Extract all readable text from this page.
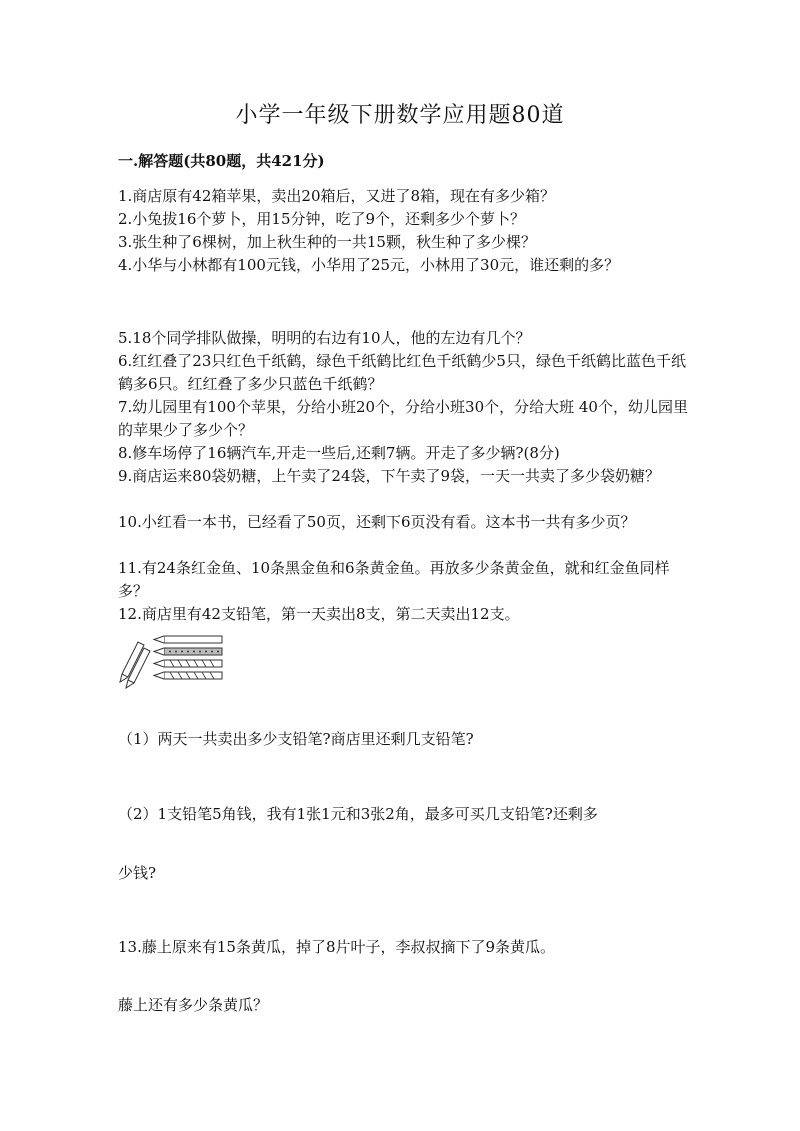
小学一年级下册数学应用题80道
一.解答题(共80题，共421分)
1.商店原有42箱苹果，卖出20箱后，又进了8箱，现在有多少箱？
2.小兔拔16个萝卜，用15分钟，吃了9个，还剩多少个萝卜？
3.张生种了6棵树，加上秋生种的一共15颗，秋生种了多少棵？
4.小华与小林都有100元钱，小华用了25元，小林用了30元，谁还剩的多？
5.18个同学排队做操，明明的右边有10人，他的左边有几个？
6.红红叠了23只红色千纸鹤，绿色千纸鹤比红色千纸鹤少5只，绿色千纸鹤比蓝色千纸鹤多6只。红红叠了多少只蓝色千纸鹤？
7.幼儿园里有100个苹果，分给小班20个，分给小班30个，分给大班 40个，幼儿园里的苹果少了多少个？
8.修车场停了16辆汽车,开走一些后,还剩7辆。开走了多少辆?(8分)
9.商店运来80袋奶糖，上午卖了24袋，下午卖了9袋，一天一共卖了多少袋奶糖？
10.小红看一本书，已经看了50页，还剩下6页没有看。这本书一共有多少页？
11.有24条红金鱼、10条黑金鱼和6条黄金鱼。再放多少条黄金鱼，就和红金鱼同样多？
12.商店里有42支铅笔，第一天卖出8支，第二天卖出12支。
（1）两天一共卖出多少支铅笔?商店里还剩几支铅笔?
（2）1支铅笔5角钱，我有1张1元和3张2角，最多可买几支铅笔?还剩多
少钱?
13.藤上原来有15条黄瓜，掉了8片叶子，李叔叔摘下了9条黄瓜。
藤上还有多少条黄瓜？
